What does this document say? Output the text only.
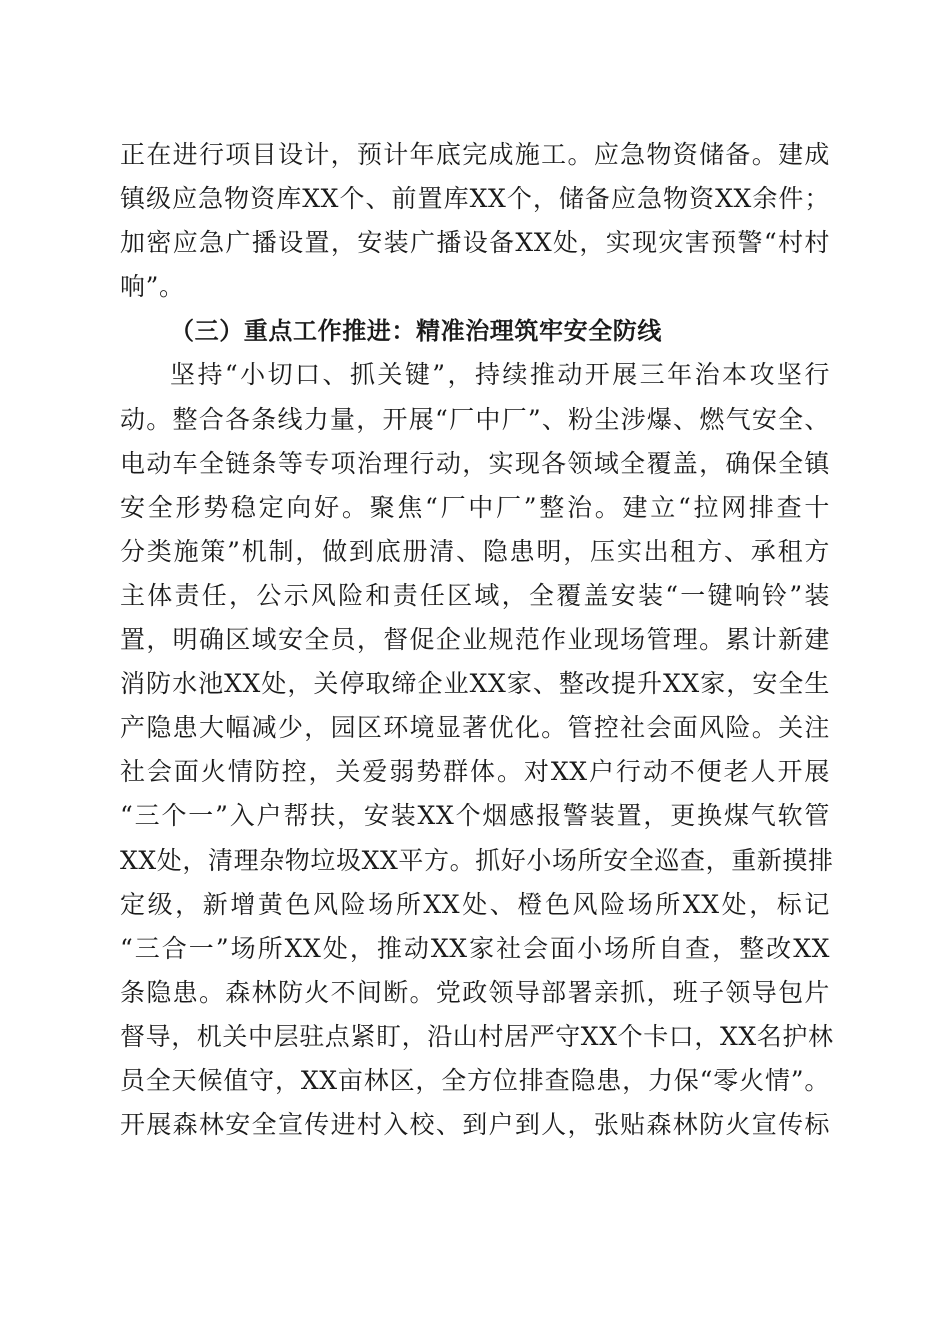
正在进行项目设计，预计年底完成施工。应急物资储备。建成
镇级应急物资库XX个、前置库XX个，储备应急物资XX余件；
加密应急广播设置，安装广播设备XX处，实现灾害预警“村村
响”。
（三）重点工作推进：精准治理筑牢安全防线
坚持“小切口、抓关键”，持续推动开展三年治本攻坚行
动。整合各条线力量，开展“厂中厂”、粉尘涉爆、燃气安全、
电动车全链条等专项治理行动，实现各领域全覆盖，确保全镇
安全形势稳定向好。聚焦“厂中厂”整治。建立“拉网排查十
分类施策”机制，做到底册清、隐患明，压实出租方、承租方
主体责任，公示风险和责任区域，全覆盖安装“一键响铃”装
置，明确区域安全员，督促企业规范作业现场管理。累计新建
消防水池XX处，关停取缔企业XX家、整改提升XX家，安全生
产隐患大幅减少，园区环境显著优化。管控社会面风险。关注
社会面火情防控，关爱弱势群体。对XX户行动不便老人开展
“三个一”入户帮扶，安装XX个烟感报警装置，更换煤气软管
XX处，清理杂物垃圾XX平方。抓好小场所安全巡查，重新摸排
定级，新增黄色风险场所XX处、橙色风险场所XX处，标记
“三合一”场所XX处，推动XX家社会面小场所自查，整改XX
条隐患。森林防火不间断。党政领导部署亲抓，班子领导包片
督导，机关中层驻点紧盯，沿山村居严守XX个卡口，XX名护林
员全天候值守，XX亩林区，全方位排查隐患，力保“零火情”。
开展森林安全宣传进村入校、到户到人，张贴森林防火宣传标
